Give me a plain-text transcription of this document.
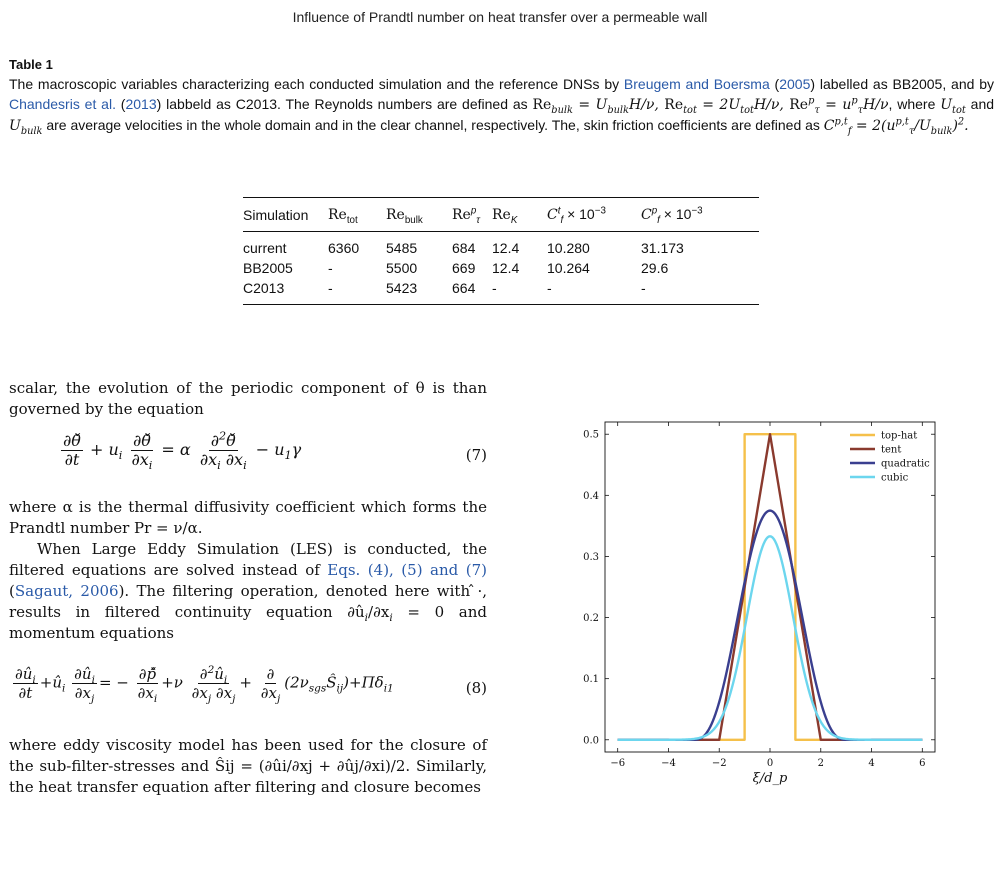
Influence of Prandtl number on heat transfer over a permeable wall
Table 1
The macroscopic variables characterizing each conducted simulation and the reference DNSs by Breugem and Boersma (2005) labelled as BB2005, and by Chandesris et al. (2013) labbeld as C2013. The Reynolds numbers are defined as $Re_{bulk} = U_{bulk}H/\nu$, $Re_{tot} = 2U_{tot}H/\nu$, $Re^p_\tau = u^p_\tau H/\nu$, where $U_{tot}$ and $U_{bulk}$ are average velocities in the whole domain and in the clear channel, respectively. The, skin friction coefficients are defined as $C^{p,t}_f = 2(u^{p,t}_\tau/U_{bulk})^2$.
Simulation	$Re_{tot}$	$Re_{bulk}$	$Re^p_\tau$	$Re_K$	$C^t_f \times 10^{-3}$	$C^p_f \times 10^{-3}$
current	6360	5485	684	12.4	10.280	31.173
BB2005	-	5500	669	12.4	10.264	29.6
C2013	-	5423	664	-	-	-
scalar, the evolution of the periodic component of θ is than governed by the equation
$\frac{\partial\thetǎ}{\partial t} + u_i \frac{\partial\thetǎ}{\partial x_i} = \alpha \frac{\partial^2\thetǎ}{\partial x_i \partial x_i} - u_1\gamma$	(7)
where α is the thermal diffusivity coefficient which forms the Prandtl number Pr = ν/α.
When Large Eddy Simulation (LES) is conducted, the filtered equations are solved instead of Eqs. (4), (5) and (7) (Sagaut, 2006). The filtering operation, denoted here with ̂·, results in filtered continuity equation $\partial û_i/\partial x_i = 0$ and momentum equations
$\frac{\partial û_i}{\partial t}$ $+û_i \frac{\partial û_i}{\partial x_j}$ = − $\frac{\partial p̂̌}{\partial x_i} +\nu \frac{\partial^2û_i}{\partial x_j \partial x_j} + \frac{\partial}{\partial x_j}$ $(2\nu_{sgs}Ŝ_{ij})+\Pi\delta_{i1}$	(8)
where eddy viscosity model has been used for the closure of the sub-filter-stresses and Ŝij = (∂ûi/∂xj + ∂ûj/∂xi)/2. Similarly, the heat transfer equation after filtering and closure becomes
−6	−4	−2	0	2	4	6
0.0
0.1
0.2
0.3
0.4
0.5	top-hat
tent
quadratic
cubic
ξ/d_p
